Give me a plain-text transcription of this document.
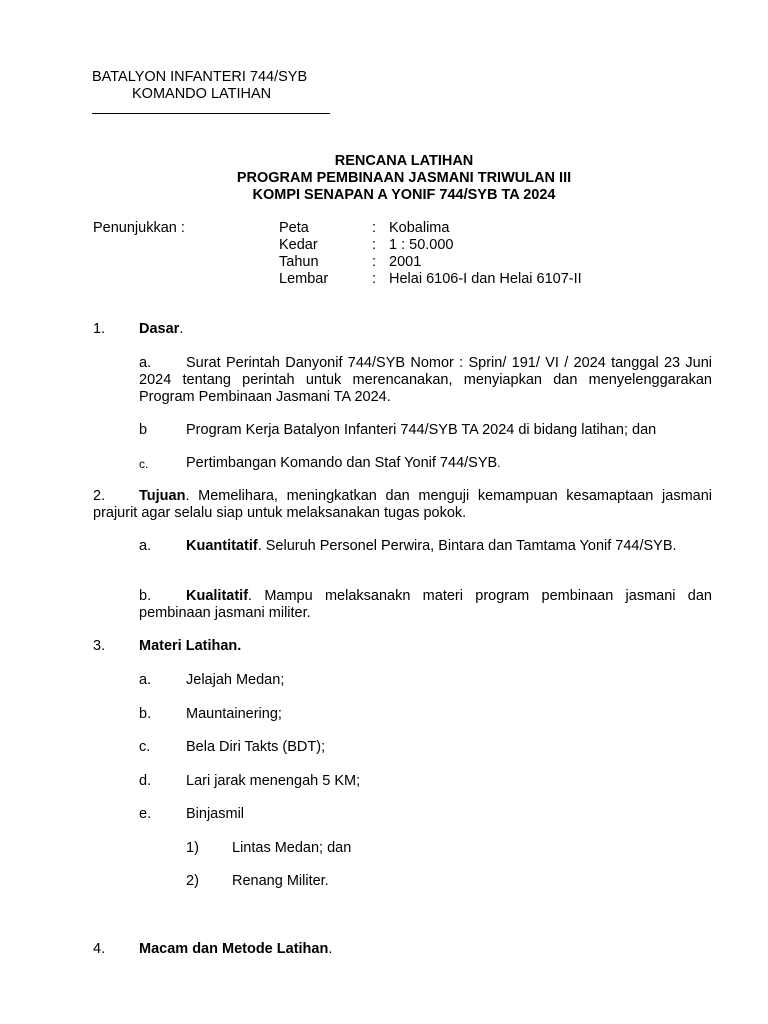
BATALYON INFANTERI 744/SYB
KOMANDO LATIHAN
RENCANA LATIHAN
PROGRAM PEMBINAAN JASMANI TRIWULAN III
KOMPI SENAPAN A YONIF 744/SYB TA 2024
Penunjukkan :	Peta	: Kobalima
Kedar	: 1 : 50.000
Tahun	: 2001
Lembar	: Helai 6106-I dan Helai 6107-II
1. Dasar.
a. Surat Perintah Danyonif 744/SYB Nomor : Sprin/ 191/ VI / 2024 tanggal 23 Juni 2024 tentang perintah untuk merencanakan, menyiapkan dan menyelenggarakan Program Pembinaan Jasmani TA 2024.
b	Program Kerja Batalyon Infanteri 744/SYB TA 2024 di bidang latihan; dan
c.	Pertimbangan Komando dan Staf Yonif 744/SYB.
2. Tujuan. Memelihara, meningkatkan dan menguji kemampuan kesamaptaan jasmani prajurit agar selalu siap untuk melaksanakan tugas pokok.
a. Kuantitatif. Seluruh Personel Perwira, Bintara dan Tamtama Yonif 744/SYB.
b. Kualitatif. Mampu melaksanakn materi program pembinaan jasmani dan pembinaan jasmani militer.
3. Materi Latihan.
a. Jelajah Medan;
b. Mauntainering;
c. Bela Diri Takts (BDT);
d. Lari jarak menengah 5 KM;
e. Binjasmil
1) Lintas Medan; dan
2) Renang Militer.
4. Macam dan Metode Latihan.
